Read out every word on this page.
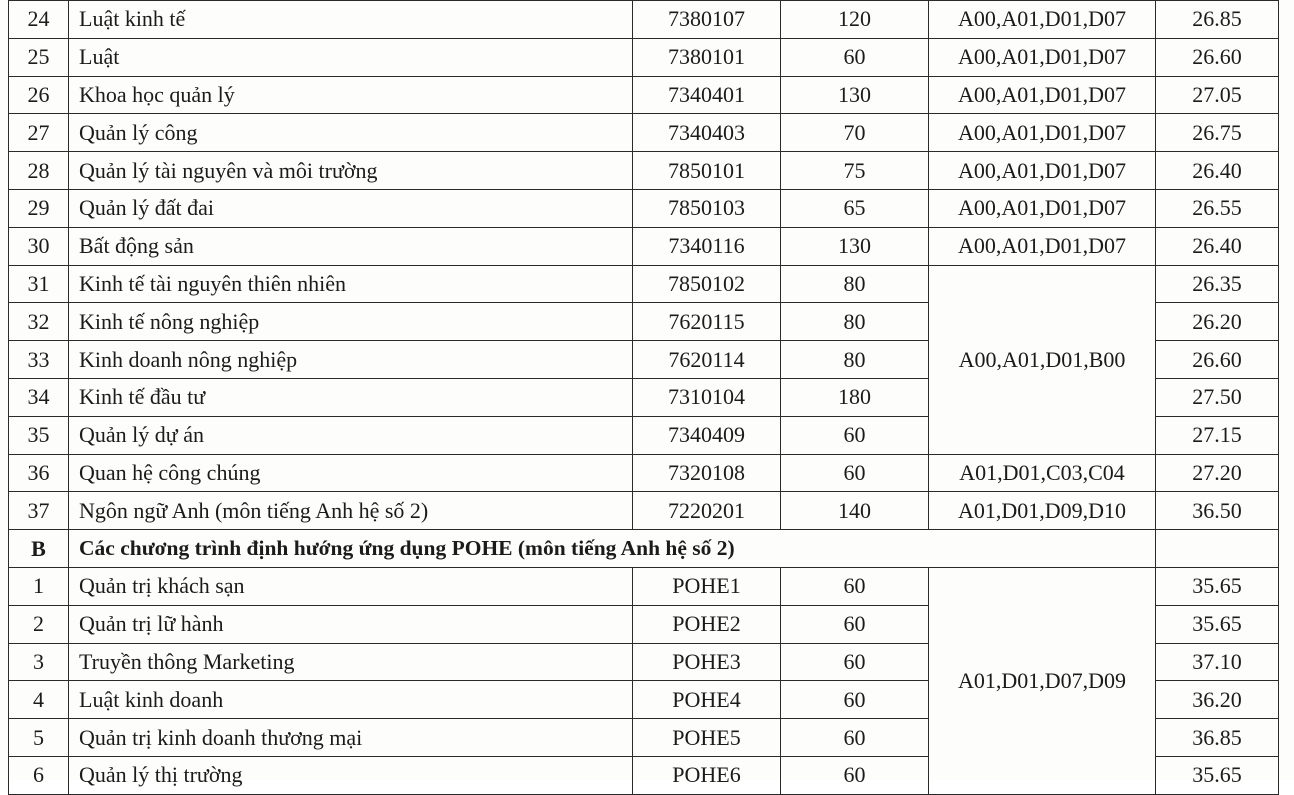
24	Luật kinh tế	7380107	120	A00,A01,D01,D07	26.85
25	Luật	7380101	60	A00,A01,D01,D07	26.60
26	Khoa học quản lý	7340401	130	A00,A01,D01,D07	27.05
27	Quản lý công	7340403	70	A00,A01,D01,D07	26.75
28	Quản lý tài nguyên và môi trường	7850101	75	A00,A01,D01,D07	26.40
29	Quản lý đất đai	7850103	65	A00,A01,D01,D07	26.55
30	Bất động sản	7340116	130	A00,A01,D01,D07	26.40
31	Kinh tế tài nguyên thiên nhiên	7850102	80	A00,A01,D01,B00	26.35
32	Kinh tế nông nghiệp	7620115	80		26.20
33	Kinh doanh nông nghiệp	7620114	80		26.60
34	Kinh tế đầu tư	7310104	180		27.50
35	Quản lý dự án	7340409	60		27.15
36	Quan hệ công chúng	7320108	60	A01,D01,C03,C04	27.20
37	Ngôn ngữ Anh (môn tiếng Anh hệ số 2)	7220201	140	A01,D01,D09,D10	36.50
B	Các chương trình định hướng ứng dụng POHE (môn tiếng Anh hệ số 2)				
1	Quản trị khách sạn	POHE1	60	A01,D01,D07,D09	35.65
2	Quản trị lữ hành	POHE2	60		35.65
3	Truyền thông Marketing	POHE3	60		37.10
4	Luật kinh doanh	POHE4	60		36.20
5	Quản trị kinh doanh thương mại	POHE5	60		36.85
6	Quản lý thị trường	POHE6	60		35.65
